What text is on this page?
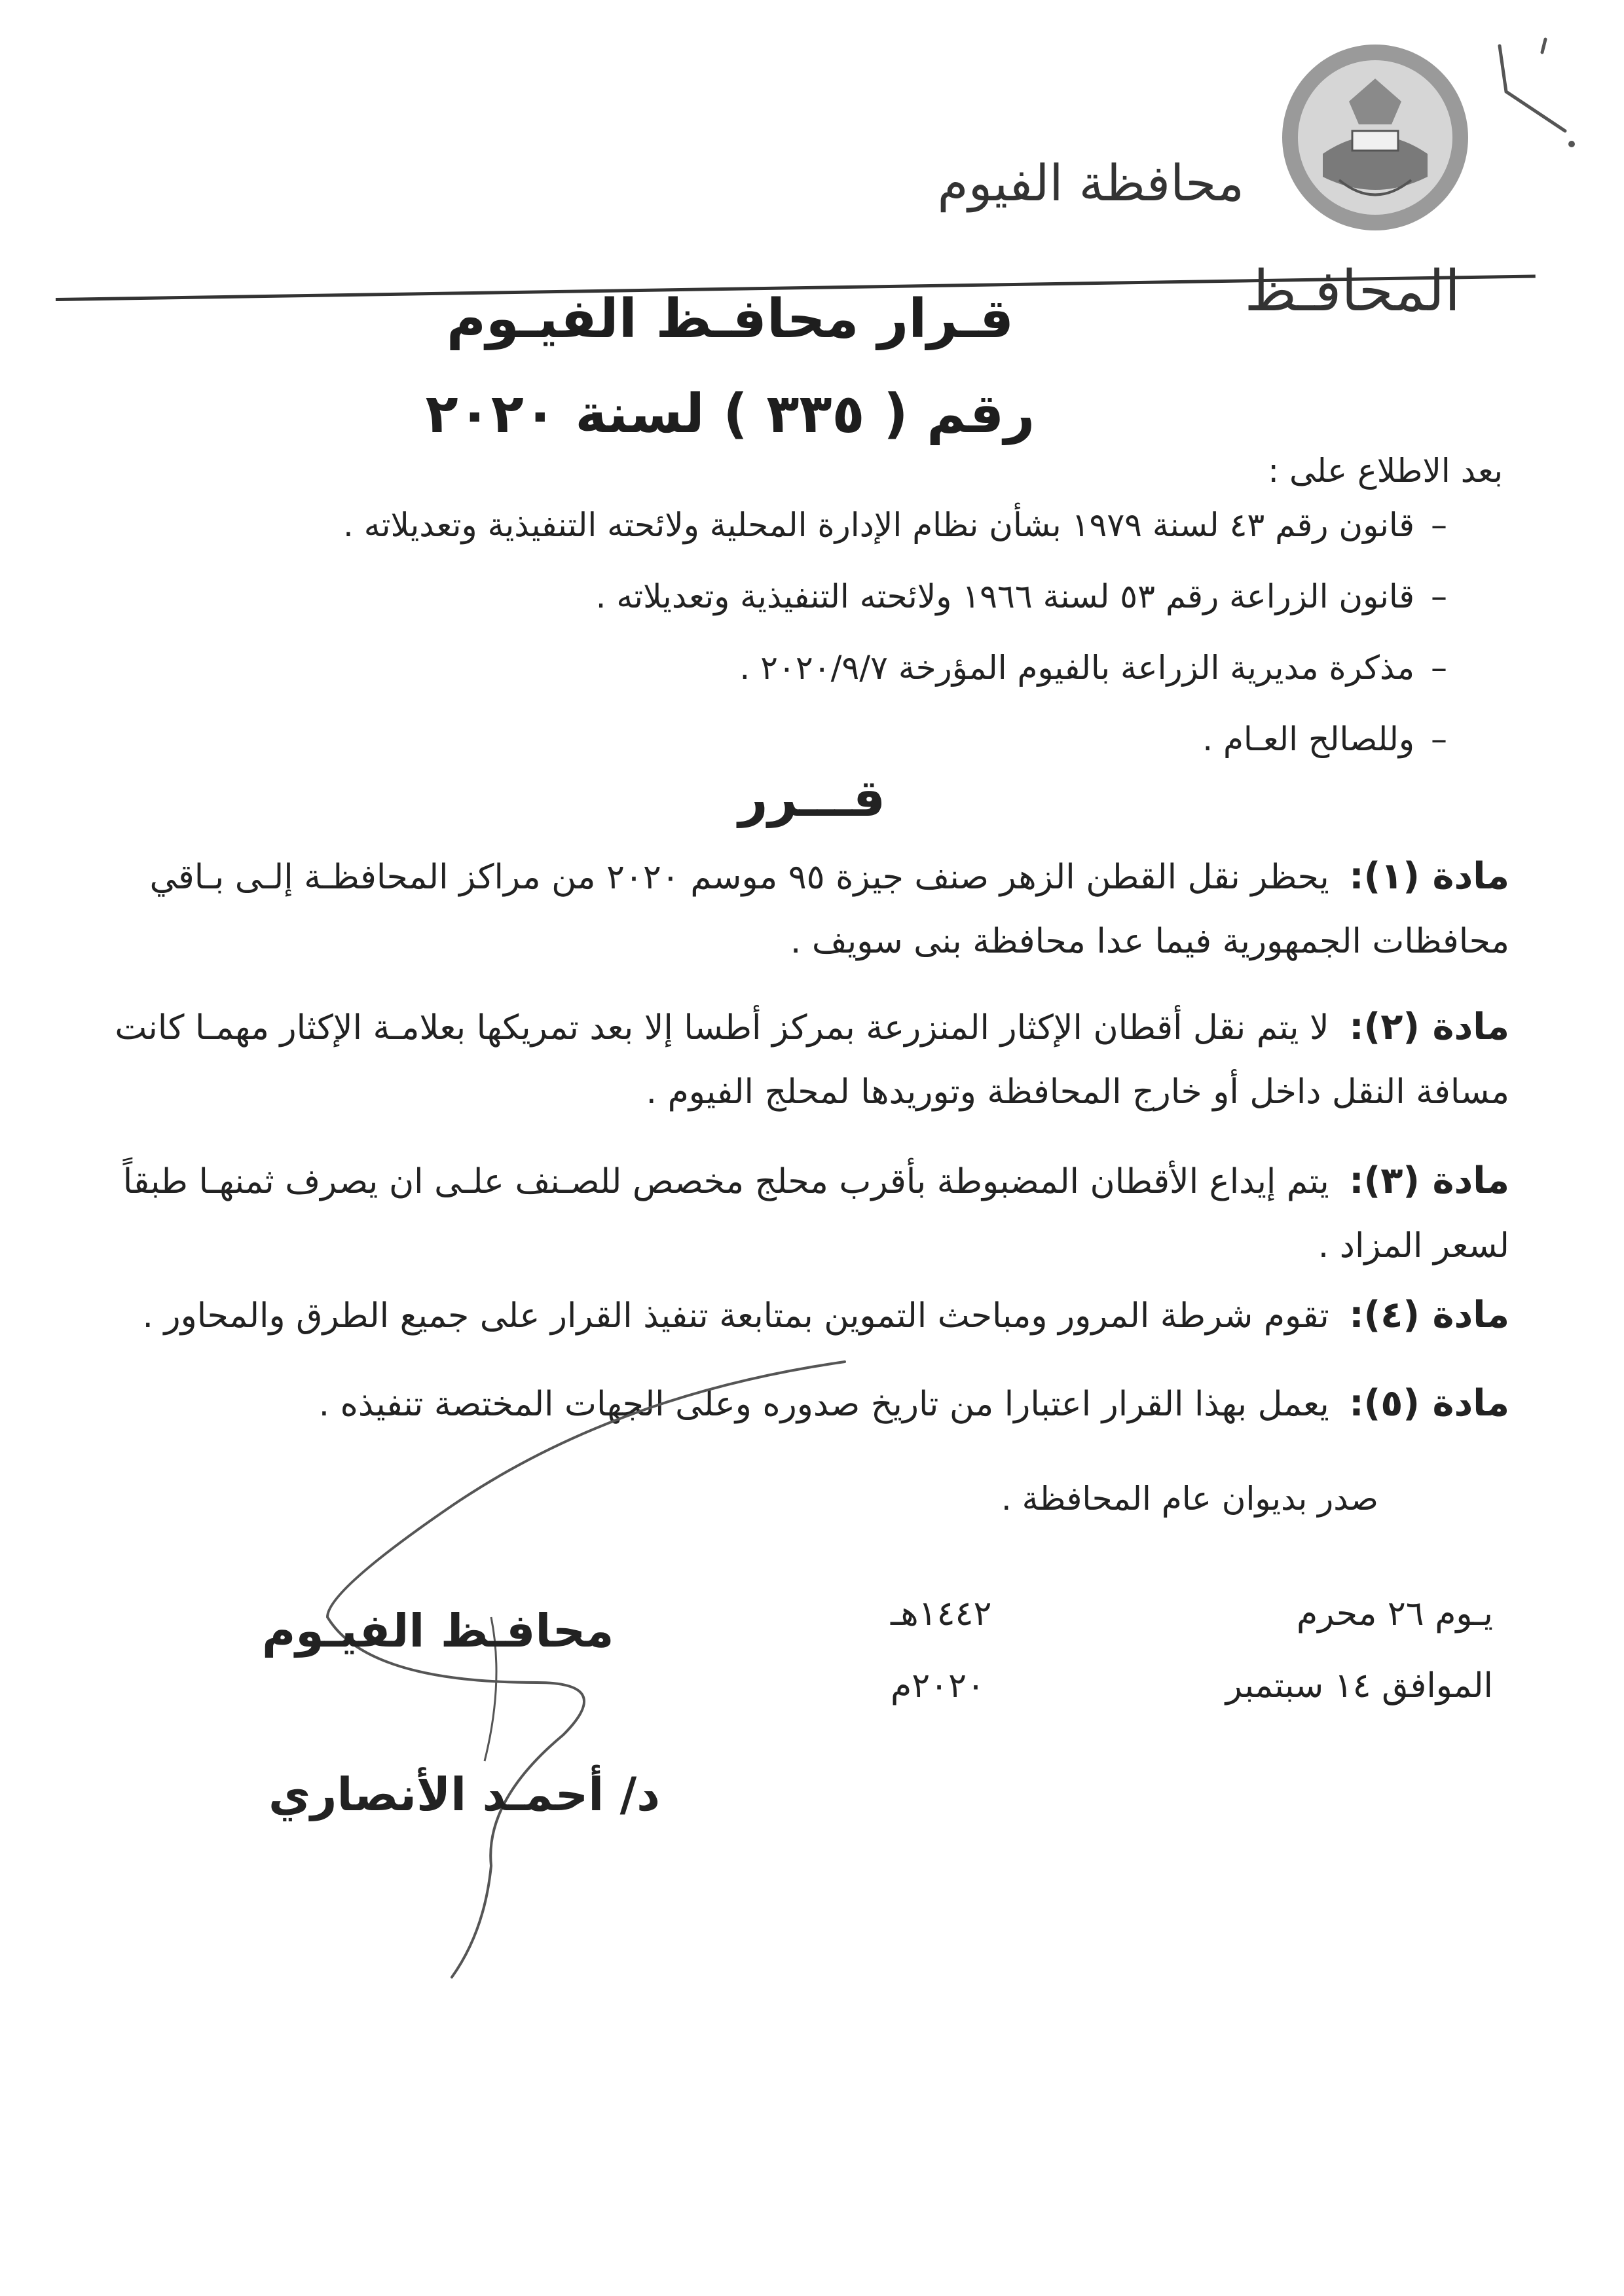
محافظة الفيوم
المحافـظ
قـرار محافـظ الفيـوم
رقم ( ٣٣٥ ) لسنة ٢٠٢٠
بعد الاطلاع على :
– قانون رقم ٤٣ لسنة ١٩٧٩ بشأن نظام الإدارة المحلية ولائحته التنفيذية وتعديلاته .
– قانون الزراعة رقم ٥٣ لسنة ١٩٦٦ ولائحته التنفيذية وتعديلاته .
– مذكرة مديرية الزراعة بالفيوم المؤرخة ٢٠٢٠/٩/٧ .
– وللصالح العـام .
قـــرر
مادة (١): يحظر نقل القطن الزهر صنف جيزة ٩٥ موسم ٢٠٢٠ من مراكز المحافظـة إلـى بـاقي محافظات الجمهورية فيما عدا محافظة بنى سويف .
مادة (٢): لا يتم نقل أقطان الإكثار المنزرعة بمركز أطسا إلا بعد تمريكها بعلامـة الإكثار مهمـا كانت مسافة النقل داخل أو خارج المحافظة وتوريدها لمحلج الفيوم .
مادة (٣): يتم إيداع الأقطان المضبوطة بأقرب محلج مخصص للصـنف علـى ان يصرف ثمنهـا طبقاً لسعر المزاد .
مادة (٤): تقوم شرطة المرور ومباحث التموين بمتابعة تنفيذ القرار على جميع الطرق والمحاور .
مادة (٥): يعمل بهذا القرار اعتبارا من تاريخ صدوره وعلى الجهات المختصة تنفيذه .
صدر بديوان عام المحافظة .
يـوم ٢٦ محرم
١٤٤٢هـ
الموافق ١٤ سبتمبر
٢٠٢٠م
محافـظ الفيـوم
د/ أحمـد الأنصاري
